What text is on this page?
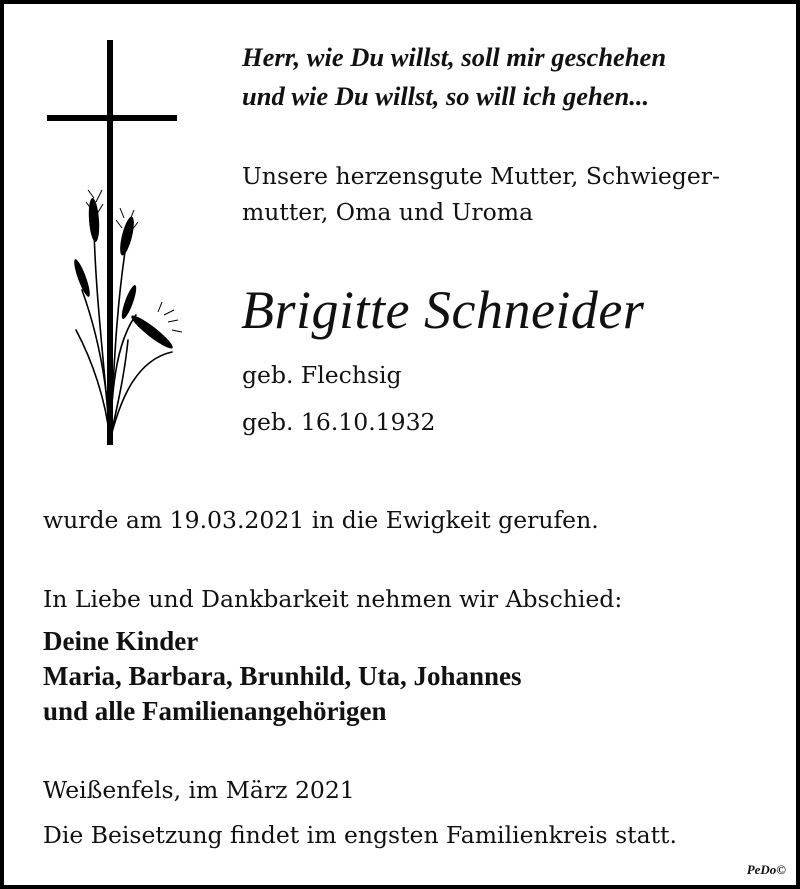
Herr, wie Du willst, soll mir geschehen
und wie Du willst, so will ich gehen...
Unsere herzensgute Mutter, Schwieger-
mutter, Oma und Uroma
Brigitte Schneider
geb. Flechsig
geb. 16.10.1932
wurde am 19.03.2021 in die Ewigkeit gerufen.
In Liebe und Dankbarkeit nehmen wir Abschied:
Deine Kinder
Maria, Barbara, Brunhild, Uta, Johannes
und alle Familienangehörigen
Weißenfels, im März 2021
Die Beisetzung findet im engsten Familienkreis statt.
PeDo©
